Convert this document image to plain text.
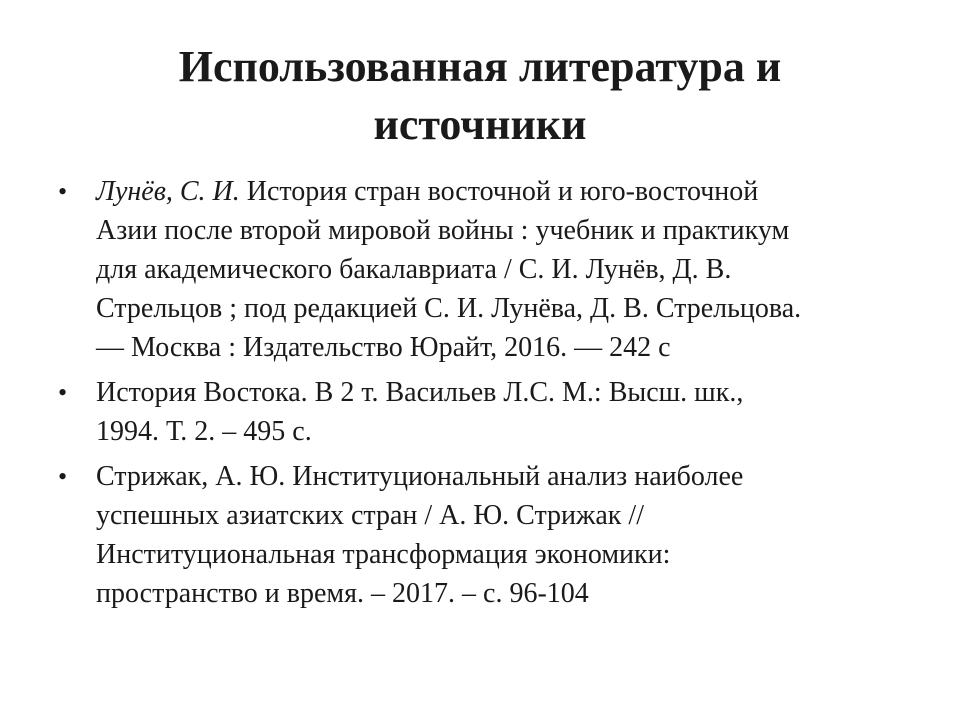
Использованная литература и
источники
• Лунёв, С. И. История стран восточной и юго-восточной
Азии после второй мировой войны : учебник и практикум
для академического бакалавриата / С. И. Лунёв, Д. В.
Стрельцов ; под редакцией С. И. Лунёва, Д. В. Стрельцова.
— Москва : Издательство Юрайт, 2016. — 242 с
• История Востока. В 2 т. Васильев Л.С. М.: Высш. шк.,
1994. Т. 2. – 495 с.
• Стрижак, А. Ю. Институциональный анализ наиболее
успешных азиатских стран / А. Ю. Стрижак //
Институциональная трансформация экономики:
пространство и время. – 2017. – с. 96-104
